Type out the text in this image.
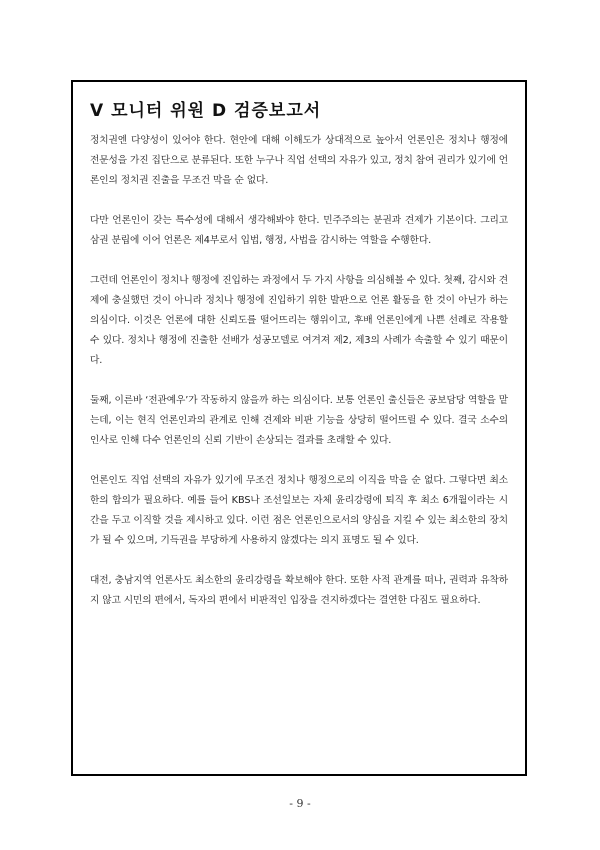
V 모니터 위원 D 검증보고서

정치권엔 다양성이 있어야 한다. 현안에 대해 이해도가 상대적으로 높아서 언론인은 정치나 행정에 전문성을 가진 집단으로 분류된다. 또한 누구나 직업 선택의 자유가 있고, 정치 참여 권리가 있기에 언론인의 정치권 진출을 무조건 막을 순 없다.

다만 언론인이 갖는 특수성에 대해서 생각해봐야 한다. 민주주의는 분권과 견제가 기본이다. 그리고 삼권 분립에 이어 언론은 제4부로서 입법, 행정, 사법을 감시하는 역할을 수행한다.

그런데 언론인이 정치나 행정에 진입하는 과정에서 두 가지 사항을 의심해볼 수 있다. 첫째, 감시와 견제에 충실했던 것이 아니라 정치나 행정에 진입하기 위한 발판으로 언론 활동을 한 것이 아닌가 하는 의심이다. 이것은 언론에 대한 신뢰도를 떨어뜨리는 행위이고, 후배 언론인에게 나쁜 선례로 작용할 수 있다. 정치나 행정에 진출한 선배가 성공모델로 여겨져 제2, 제3의 사례가 속출할 수 있기 때문이다.

둘째, 이른바 ‘전관예우’가 작동하지 않을까 하는 의심이다. 보통 언론인 출신들은 공보담당 역할을 맡는데, 이는 현직 언론인과의 관계로 인해 견제와 비판 기능을 상당히 떨어뜨릴 수 있다. 결국 소수의 인사로 인해 다수 언론인의 신뢰 기반이 손상되는 결과를 초래할 수 있다.

언론인도 직업 선택의 자유가 있기에 무조건 정치나 행정으로의 이직을 막을 순 없다. 그렇다면 최소한의 합의가 필요하다. 예를 들어 KBS나 조선일보는 자체 윤리강령에 퇴직 후 최소 6개월이라는 시간을 두고 이직할 것을 제시하고 있다. 이런 점은 언론인으로서의 양심을 지킬 수 있는 최소한의 장치가 될 수 있으며, 기득권을 부당하게 사용하지 않겠다는 의지 표명도 될 수 있다.

대전, 충남지역 언론사도 최소한의 윤리강령을 확보해야 한다. 또한 사적 관계를 떠나, 권력과 유착하지 않고 시민의 편에서, 독자의 편에서 비판적인 입장을 견지하겠다는 결연한 다짐도 필요하다.

- 9 -
